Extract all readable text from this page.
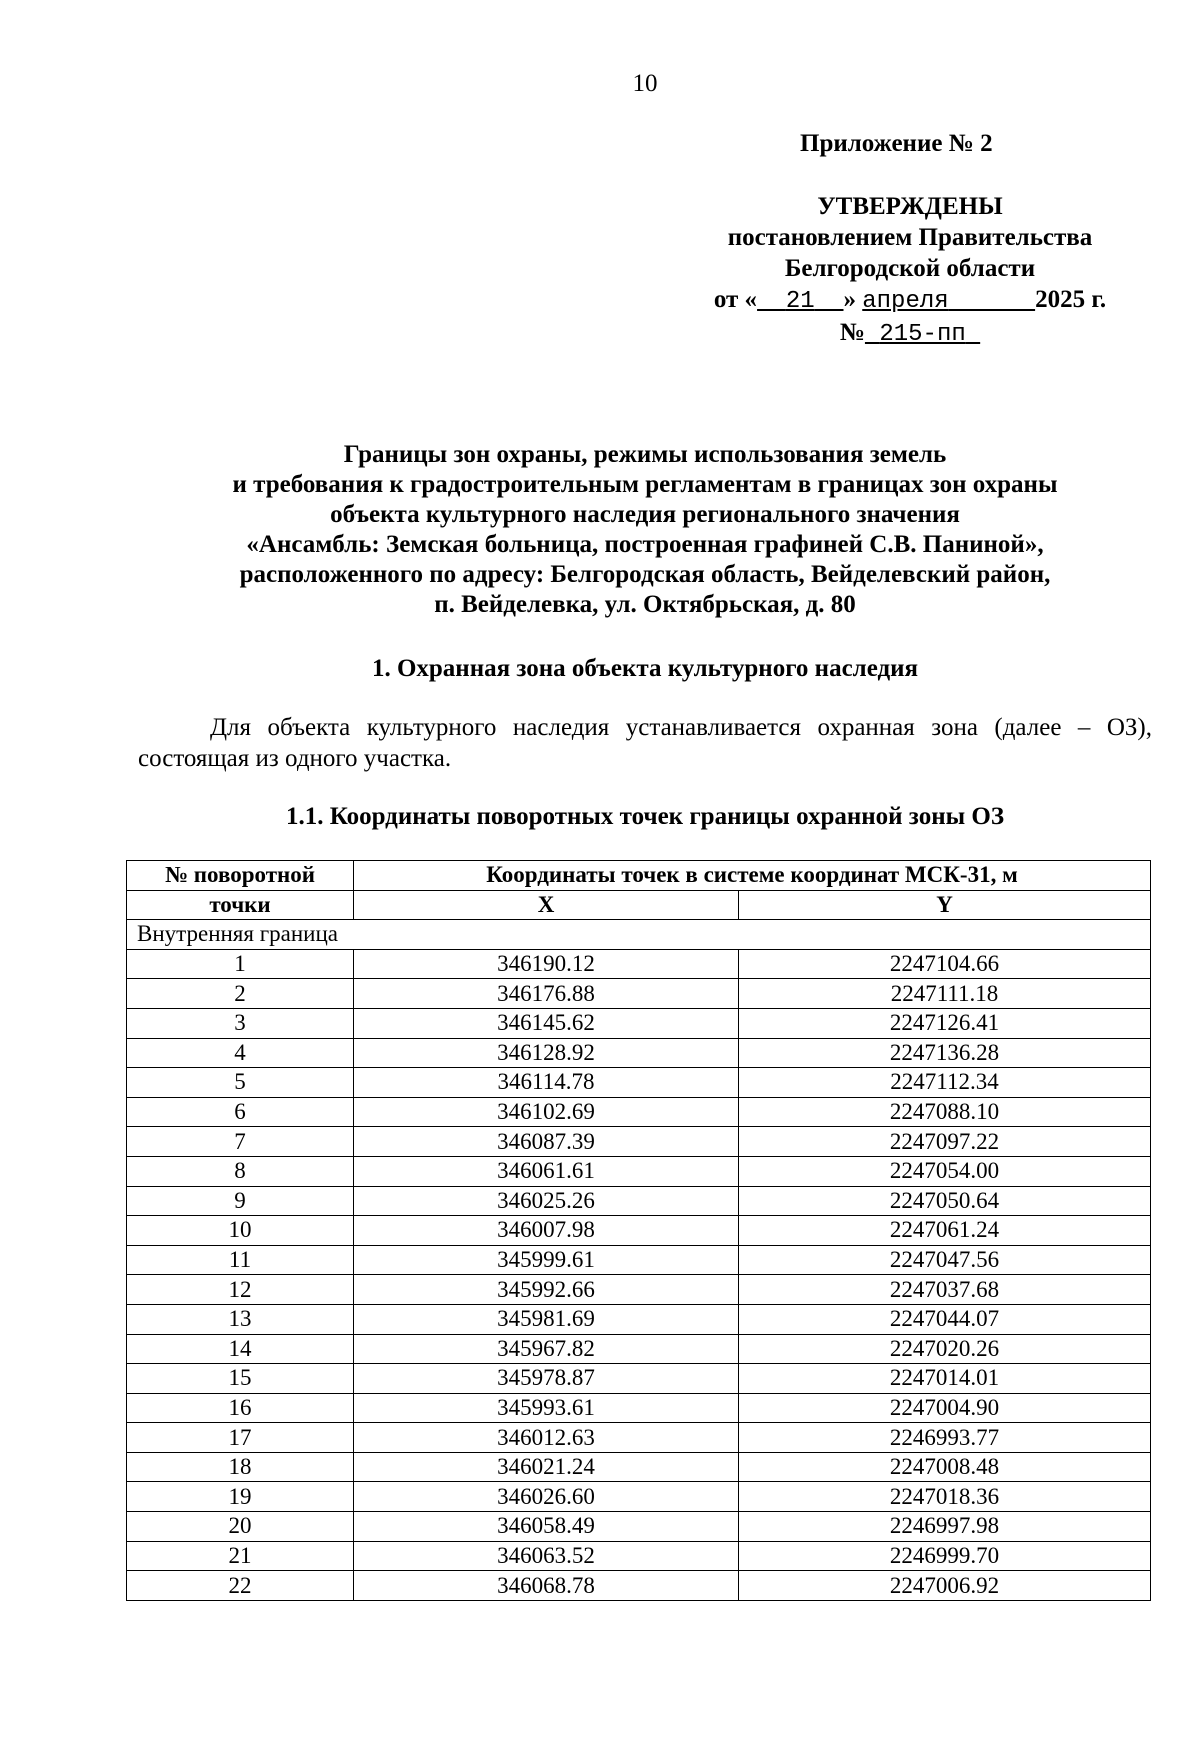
10
Приложение № 2
УТВЕРЖДЕНЫ
постановлением Правительства
Белгородской области
от « 21 » апреля	2025 г.
№ 215-пп
Границы зон охраны, режимы использования земель
и требования к градостроительным регламентам в границах зон охраны
объекта культурного наследия регионального значения
«Ансамбль: Земская больница, построенная графиней С.В. Паниной»,
расположенного по адресу: Белгородская область, Вейделевский район,
п. Вейделевка, ул. Октябрьская, д. 80
1. Охранная зона объекта культурного наследия
Для объекта культурного наследия устанавливается охранная зона (далее – ОЗ), состоящая из одного участка.
1.1. Координаты поворотных точек границы охранной зоны ОЗ
№ поворотной	Координаты точек в системе координат МСК-31, м	
точки	X	Y
Внутренняя граница		
1	346190.12	2247104.66
2	346176.88	2247111.18
3	346145.62	2247126.41
4	346128.92	2247136.28
5	346114.78	2247112.34
6	346102.69	2247088.10
7	346087.39	2247097.22
8	346061.61	2247054.00
9	346025.26	2247050.64
10	346007.98	2247061.24
11	345999.61	2247047.56
12	345992.66	2247037.68
13	345981.69	2247044.07
14	345967.82	2247020.26
15	345978.87	2247014.01
16	345993.61	2247004.90
17	346012.63	2246993.77
18	346021.24	2247008.48
19	346026.60	2247018.36
20	346058.49	2246997.98
21	346063.52	2246999.70
22	346068.78	2247006.92
